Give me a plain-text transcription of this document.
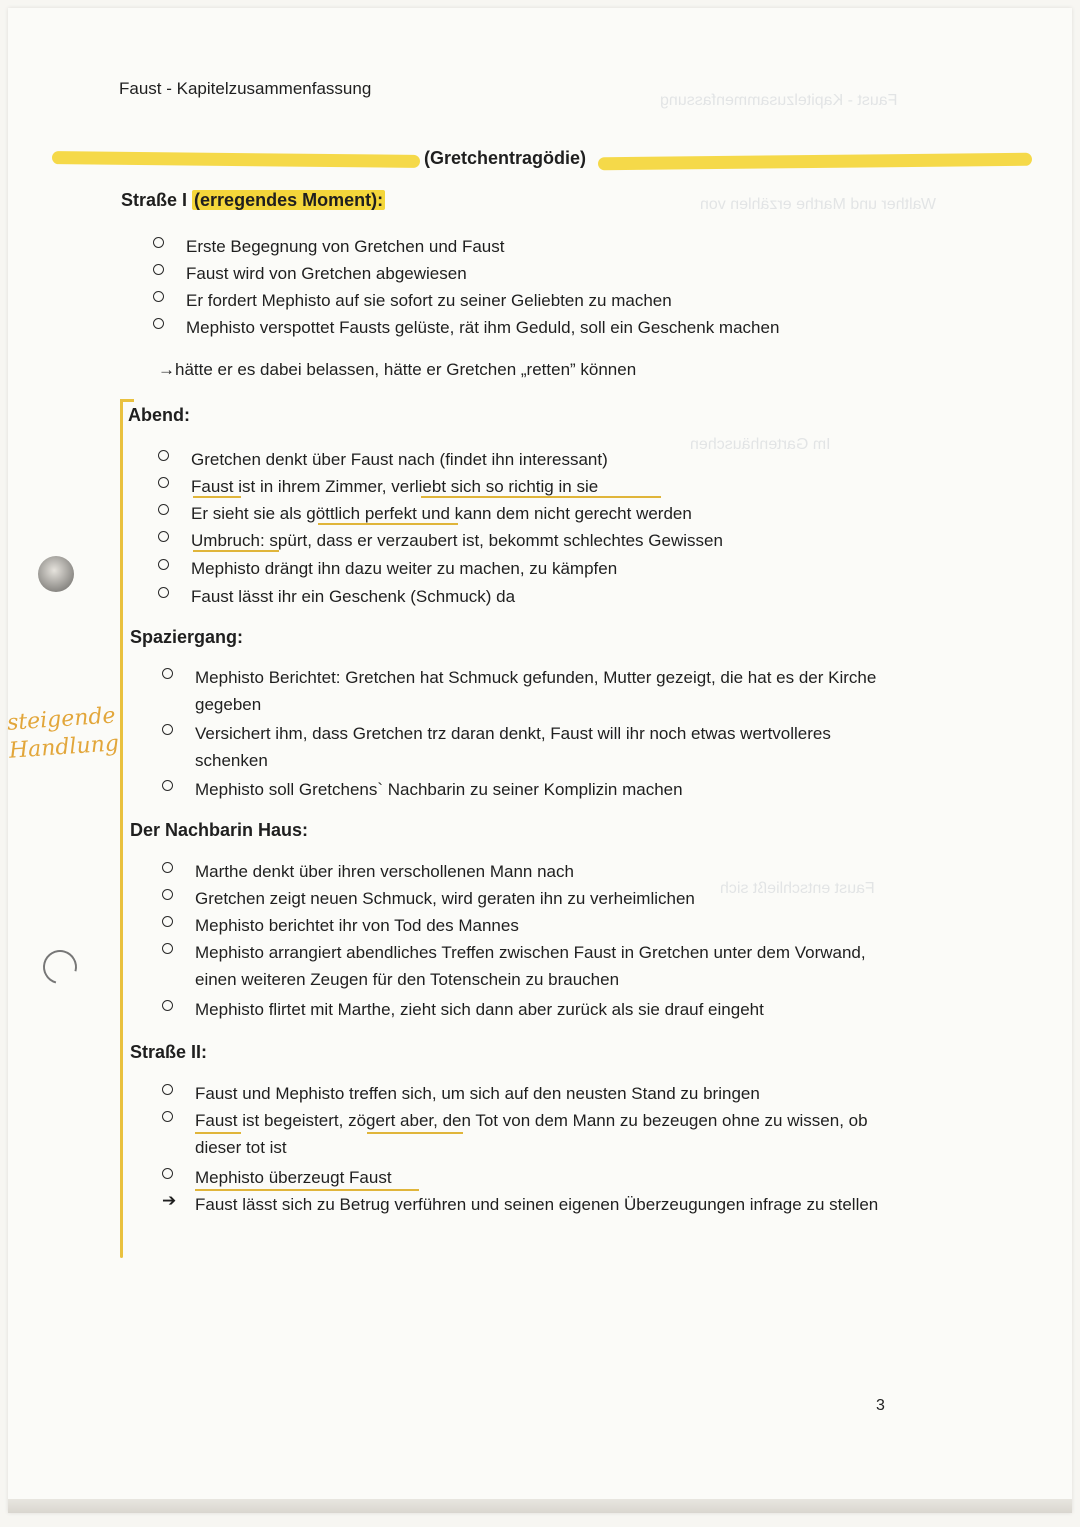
Faust - Kapitelzusammenfassung
Walther und Marthe erzählen von
Im Gartenhäuschen
Faust entschließt sich
Faust - Kapitelzusammenfassung
(Gretchentragödie)
Straße I (erregendes Moment):
Erste Begegnung von Gretchen und Faust
Faust wird von Gretchen abgewiesen
Er fordert Mephisto auf sie sofort zu seiner Geliebten zu machen
Mephisto verspottet Fausts gelüste, rät ihm Geduld, soll ein Geschenk machen
→hätte er es dabei belassen, hätte er Gretchen „retten” können
Abend:
Gretchen denkt über Faust nach (findet ihn interessant)
Faust ist in ihrem Zimmer, verliebt sich so richtig in sie
Er sieht sie als göttlich perfekt und kann dem nicht gerecht werden
Umbruch: spürt, dass er verzaubert ist, bekommt schlechtes Gewissen
Mephisto drängt ihn dazu weiter zu machen, zu kämpfen
Faust lässt ihr ein Geschenk (Schmuck) da
Spaziergang:
Mephisto Berichtet: Gretchen hat Schmuck gefunden, Mutter gezeigt, die hat es der Kirche gegeben
Versichert ihm, dass Gretchen trz daran denkt, Faust will ihr noch etwas wertvolleres schenken
Mephisto soll Gretchens` Nachbarin zu seiner Komplizin machen
Der Nachbarin Haus:
Marthe denkt über ihren verschollenen Mann nach
Gretchen zeigt neuen Schmuck, wird geraten ihn zu verheimlichen
Mephisto berichtet ihr von Tod des Mannes
Mephisto arrangiert abendliches Treffen zwischen Faust in Gretchen unter dem Vorwand, einen weiteren Zeugen für den Totenschein zu brauchen
Mephisto flirtet mit Marthe, zieht sich dann aber zurück als sie drauf eingeht
Straße II:
Faust und Mephisto treffen sich, um sich auf den neusten Stand zu bringen
Faust ist begeistert, zögert aber, den Tot von dem Mann zu bezeugen ohne zu wissen, ob dieser tot ist
Mephisto überzeugt Faust
➔ Faust lässt sich zu Betrug verführen und seinen eigenen Überzeugungen infrage zu stellen
steigende
Handlung
3
